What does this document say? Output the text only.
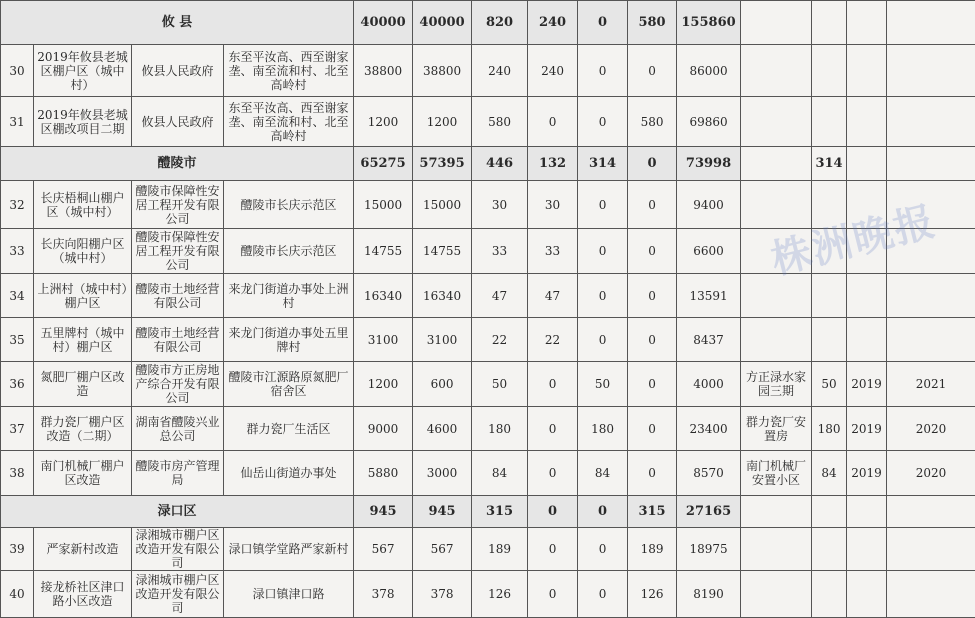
攸 县				40000	40000	820	240	0	580	155860				
30	2019年攸县老城区棚户区（城中村）	攸县人民政府	东至平汝高、西至谢家垄、南至流和村、北至高岭村	38800	38800	240	240	0	0	86000				
31	2019年攸县老城区棚改项目二期	攸县人民政府	东至平汝高、西至谢家垄、南至流和村、北至高岭村	1200	1200	580	0	0	580	69860				
醴陵市				65275	57395	446	132	314	0	73998		314		
32	长庆梧桐山棚户区（城中村）	醴陵市保障性安居工程开发有限公司	醴陵市长庆示范区	15000	15000	30	30	0	0	9400				
33	长庆向阳棚户区（城中村）	醴陵市保障性安居工程开发有限公司	醴陵市长庆示范区	14755	14755	33	33	0	0	6600				
34	上洲村（城中村）棚户区	醴陵市土地经营有限公司	来龙门街道办事处上洲村	16340	16340	47	47	0	0	13591				
35	五里牌村（城中村）棚户区	醴陵市土地经营有限公司	来龙门街道办事处五里牌村	3100	3100	22	22	0	0	8437				
36	氮肥厂棚户区改造	醴陵市方正房地产综合开发有限公司	醴陵市江源路原氮肥厂宿舍区	1200	600	50	0	50	0	4000	方正渌水家园三期	50	2019	2021
37	群力瓷厂棚户区改造（二期）	湖南省醴陵兴业总公司	群力瓷厂生活区	9000	4600	180	0	180	0	23400	群力瓷厂安置房	180	2019	2020
38	南门机械厂棚户区改造	醴陵市房产管理局	仙岳山街道办事处	5880	3000	84	0	84	0	8570	南门机械厂安置小区	84	2019	2020
渌口区				945	945	315	0	0	315	27165				
39	严家新村改造	渌湘城市棚户区改造开发有限公司	渌口镇学堂路严家新村	567	567	189	0	0	189	18975				
40	接龙桥社区津口路小区改造	渌湘城市棚户区改造开发有限公司	渌口镇津口路	378	378	126	0	0	126	8190				
株洲晚报
